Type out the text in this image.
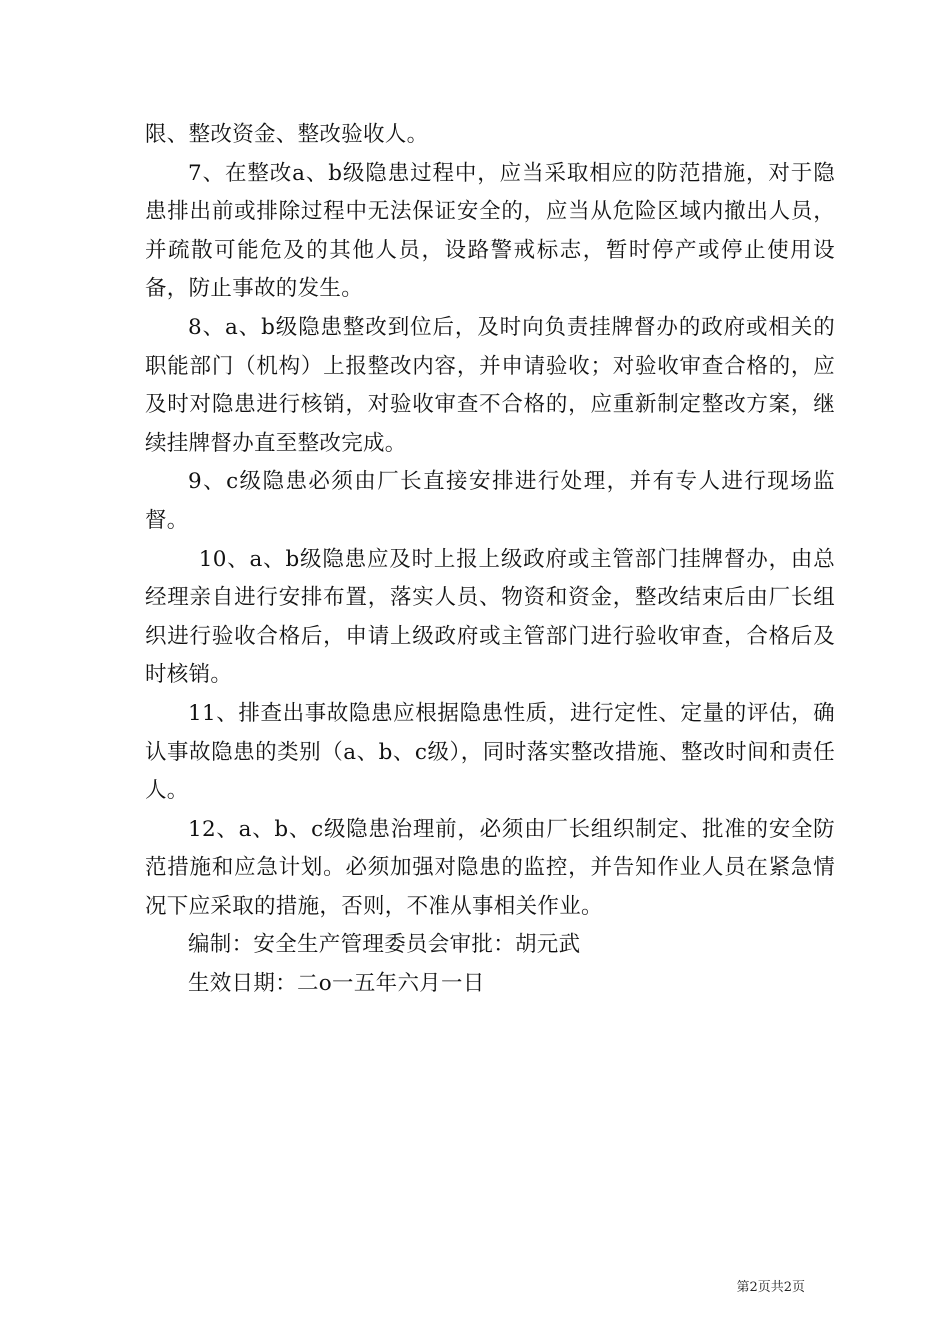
限、整改资金、整改验收人。

7、在整改a、b级隐患过程中，应当采取相应的防范措施，对于隐患排出前或排除过程中无法保证安全的，应当从危险区域内撤出人员，并疏散可能危及的其他人员，设路警戒标志，暂时停产或停止使用设备，防止事故的发生。

8、a、b级隐患整改到位后，及时向负责挂牌督办的政府或相关的职能部门（机构）上报整改内容，并申请验收；对验收审查合格的，应及时对隐患进行核销，对验收审查不合格的，应重新制定整改方案，继续挂牌督办直至整改完成。

9、c级隐患必须由厂长直接安排进行处理，并有专人进行现场监督。

10、a、b级隐患应及时上报上级政府或主管部门挂牌督办，由总经理亲自进行安排布置，落实人员、物资和资金，整改结束后由厂长组织进行验收合格后，申请上级政府或主管部门进行验收审查，合格后及时核销。

11、排查出事故隐患应根据隐患性质，进行定性、定量的评估，确认事故隐患的类别（a、b、c级），同时落实整改措施、整改时间和责任人。

12、a、b、c级隐患治理前，必须由厂长组织制定、批准的安全防范措施和应急计划。必须加强对隐患的监控，并告知作业人员在紧急情况下应采取的措施，否则，不准从事相关作业。

编制：安全生产管理委员会审批：胡元武

生效日期：二o一五年六月一日

第2页共2页
